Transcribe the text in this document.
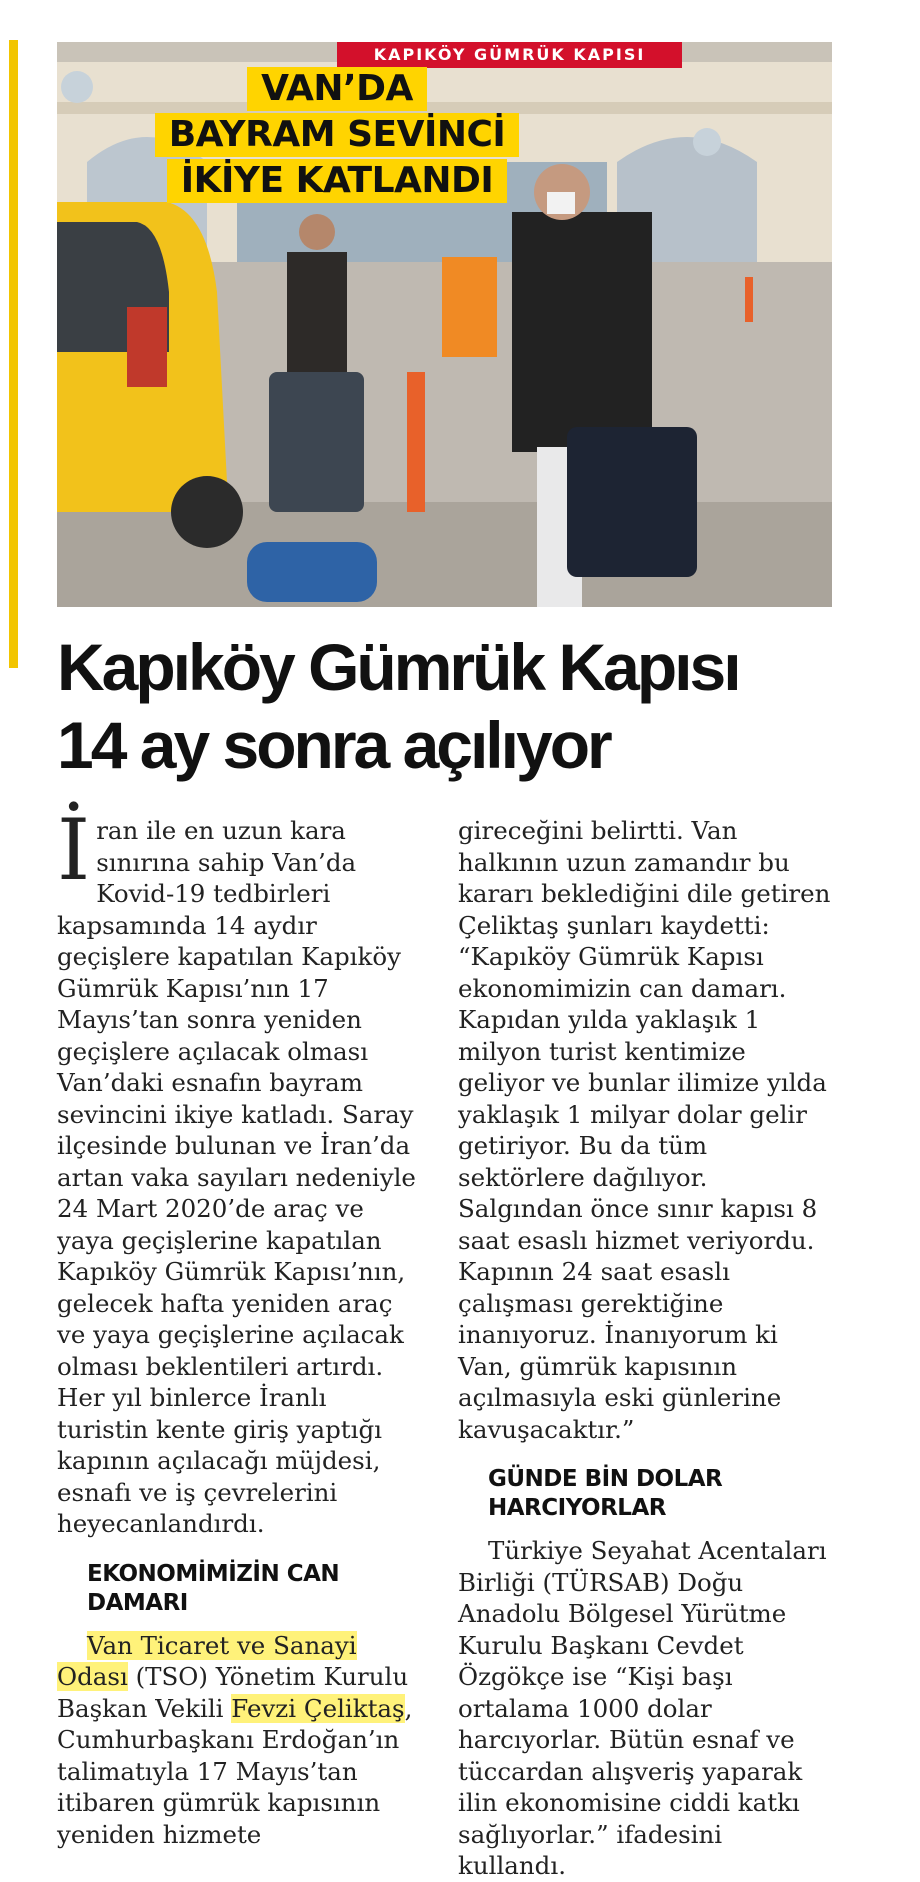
KAPIKÖY GÜMRÜK KAPISI
VAN’DA
BAYRAM SEVİNCİ
İKİYE KATLANDI
Kapıköy Gümrük Kapısı
14 ay sonra açılıyor

İran ile en uzun kara sınırına sahip Van’da Kovid-19 tedbirleri kapsamında 14 aydır geçişlere kapatılan Kapıköy Gümrük Kapısı’nın 17 Mayıs’tan sonra yeniden geçişlere açılacak olması Van’daki esnafın bayram sevincini ikiye katladı. Saray ilçesinde bulunan ve İran’da artan vaka sayıları nedeniyle 24 Mart 2020’de araç ve yaya geçişlerine kapatılan Kapıköy Gümrük Kapısı’nın, gelecek hafta yeniden araç ve yaya geçişlerine açılacak olması beklentileri artırdı. Her yıl binlerce İranlı turistin kente giriş yaptığı kapının açılacağı müjdesi, esnafı ve iş çevrelerini heyecanlandırdı.

EKONOMİMİZİN CAN DAMARI

Van Ticaret ve Sanayi Odası (TSO) Yönetim Kurulu Başkan Vekili Fevzi Çeliktaş, Cumhurbaşkanı Erdoğan’ın talimatıyla 17 Mayıs’tan itibaren gümrük kapısının yeniden hizmete

gireceğini belirtti. Van halkının uzun zamandır bu kararı beklediğini dile getiren Çeliktaş şunları kaydetti: “Kapıköy Gümrük Kapısı ekonomimizin can damarı. Kapıdan yılda yaklaşık 1 milyon turist kentimize geliyor ve bunlar ilimize yılda yaklaşık 1 milyar dolar gelir getiriyor. Bu da tüm sektörlere dağılıyor. Salgından önce sınır kapısı 8 saat esaslı hizmet veriyordu. Kapının 24 saat esaslı çalışması gerektiğine inanıyoruz. İnanıyorum ki Van, gümrük kapısının açılmasıyla eski günlerine kavuşacaktır.”

GÜNDE BİN DOLAR HARCIYORLAR

Türkiye Seyahat Acentaları Birliği (TÜRSAB) Doğu Anadolu Bölgesel Yürütme Kurulu Başkanı Cevdet Özgökçe ise “Kişi başı ortalama 1000 dolar harcıyorlar. Bütün esnaf ve tüccardan alışveriş yaparak ilin ekonomisine ciddi katkı sağlıyorlar.” ifadesini kullandı.
